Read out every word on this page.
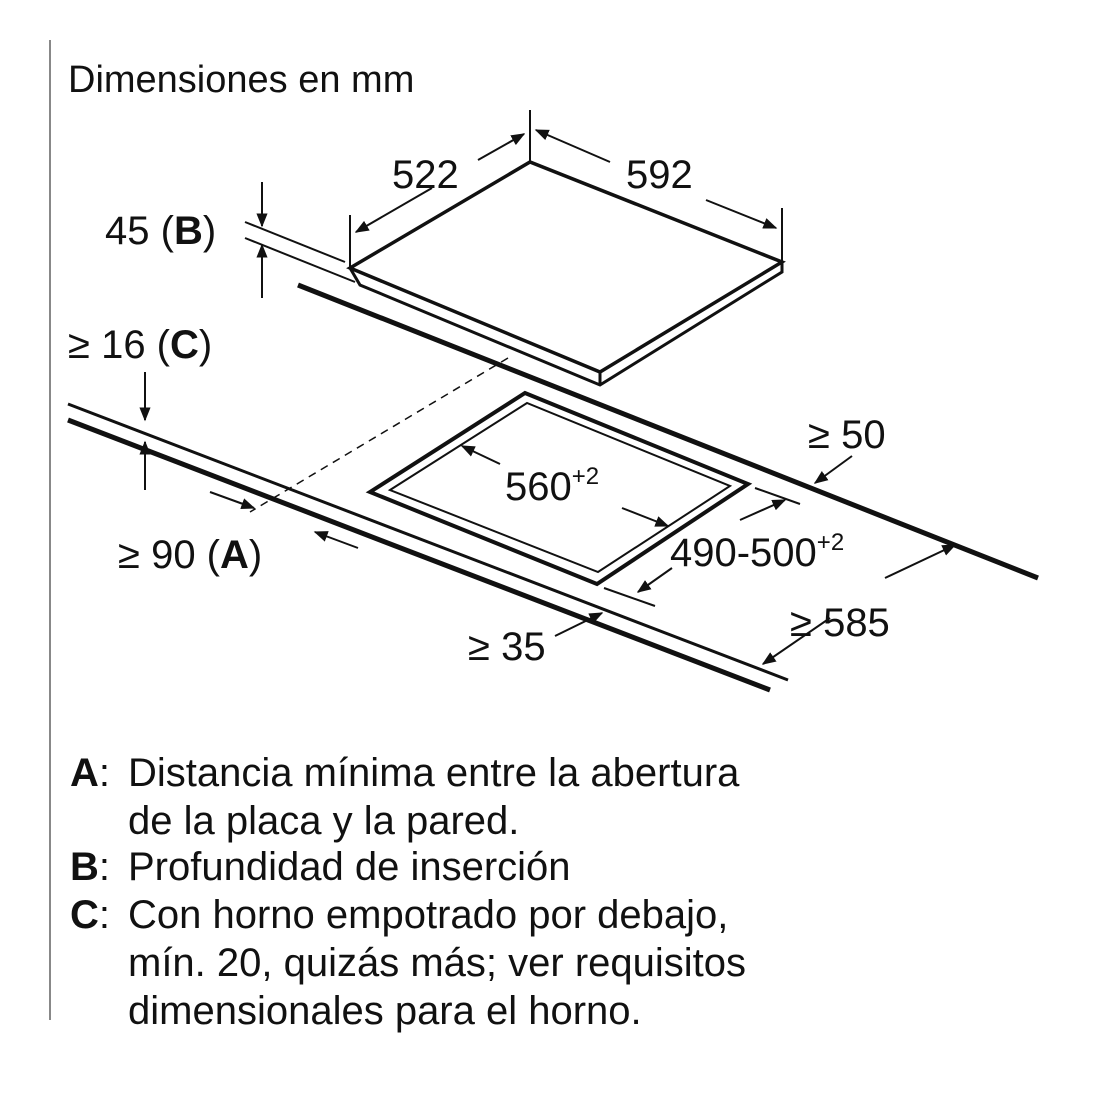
Dimensiones en mm
522	592
45 (B)
$560^{+2}$
$490-500^{+2}$
≥ 50
≥ 585
≥ 35
≥ 16 (C)
≥ 90 (A)
A: Distancia mínima entre la abertura
de la placa y la pared.
B: Profundidad de inserción
C: Con horno empotrado por debajo,
mín. 20, quizás más; ver requisitos
dimensionales para el horno.
